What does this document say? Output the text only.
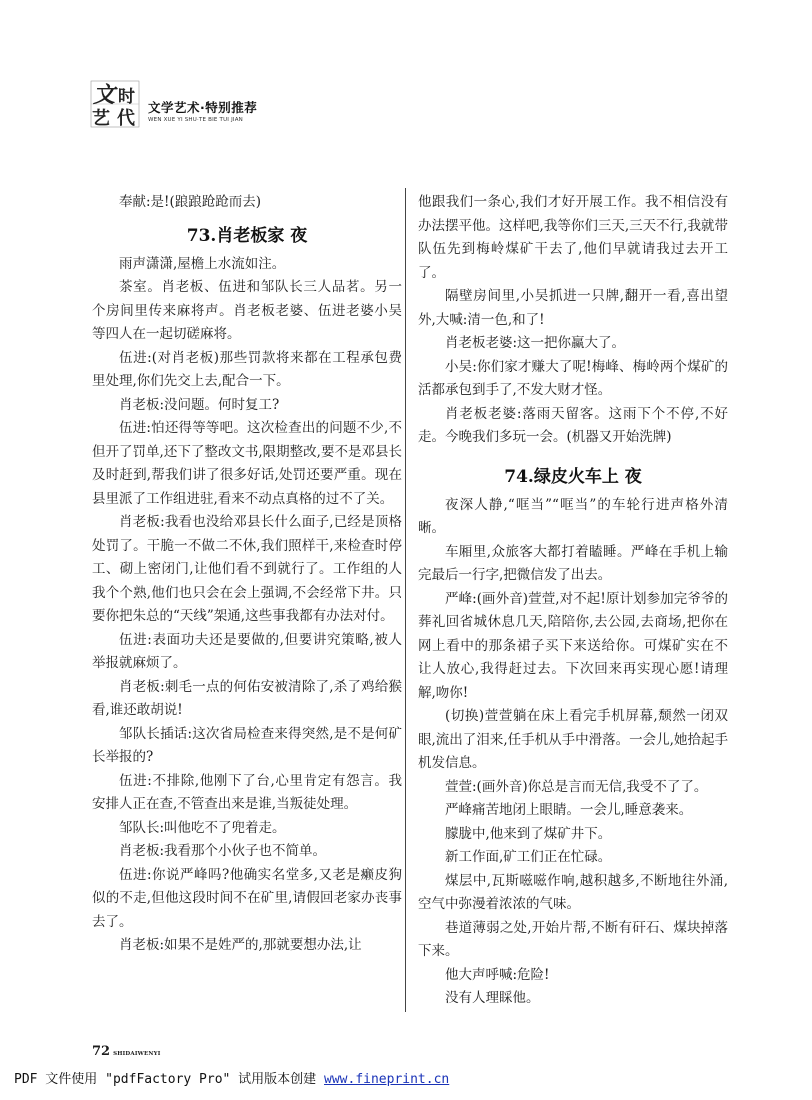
时
艺 代
文	文学艺术·特别推荐
WEN XUE YI SHU·TE BIE TUI JIAN

奉献:是!(踉踉跄跄而去)

73.肖老板家 夜

雨声潇潇,屋檐上水流如注。

茶室。肖老板、伍进和邹队长三人品茗。另一个房间里传来麻将声。肖老板老婆、伍进老婆小吴等四人在一起切磋麻将。

伍进:(对肖老板)那些罚款将来都在工程承包费里处理,你们先交上去,配合一下。

肖老板:没问题。何时复工?

伍进:怕还得等等吧。这次检查出的问题不少,不但开了罚单,还下了整改文书,限期整改,要不是邓县长及时赶到,帮我们讲了很多好话,处罚还要严重。现在县里派了工作组进驻,看来不动点真格的过不了关。

肖老板:我看也没给邓县长什么面子,已经是顶格处罚了。干脆一不做二不休,我们照样干,来检查时停工、砌上密闭门,让他们看不到就行了。工作组的人我个个熟,他们也只会在会上强调,不会经常下井。只要你把朱总的“天线”架通,这些事我都有办法对付。

伍进:表面功夫还是要做的,但要讲究策略,被人举报就麻烦了。

肖老板:刺毛一点的何佑安被清除了,杀了鸡给猴看,谁还敢胡说!

邹队长插话:这次省局检查来得突然,是不是何矿长举报的?

伍进:不排除,他刚下了台,心里肯定有怨言。我安排人正在查,不管查出来是谁,当叛徒处理。

邹队长:叫他吃不了兜着走。

肖老板:我看那个小伙子也不简单。

伍进:你说严峰吗?他确实名堂多,又老是癞皮狗似的不走,但他这段时间不在矿里,请假回老家办丧事去了。

肖老板:如果不是姓严的,那就要想办法,让

他跟我们一条心,我们才好开展工作。我不相信没有办法摆平他。这样吧,我等你们三天,三天不行,我就带队伍先到梅岭煤矿干去了,他们早就请我过去开工了。

隔壁房间里,小吴抓进一只牌,翻开一看,喜出望外,大喊:清一色,和了!

肖老板老婆:这一把你赢大了。

小吴:你们家才赚大了呢!梅峰、梅岭两个煤矿的活都承包到手了,不发大财才怪。

肖老板老婆:落雨天留客。这雨下个不停,不好走。今晚我们多玩一会。(机器又开始洗牌)

74.绿皮火车上 夜

夜深人静,“哐当”“哐当”的车轮行进声格外清晰。

车厢里,众旅客大都打着瞌睡。严峰在手机上输完最后一行字,把微信发了出去。

严峰:(画外音)萱萱,对不起!原计划参加完爷爷的葬礼回省城休息几天,陪陪你,去公园,去商场,把你在网上看中的那条裙子买下来送给你。可煤矿实在不让人放心,我得赶过去。下次回来再实现心愿!请理解,吻你!

(切换)萱萱躺在床上看完手机屏幕,颓然一闭双眼,流出了泪来,任手机从手中滑落。一会儿,她拾起手机发信息。

萱萱:(画外音)你总是言而无信,我受不了了。

严峰痛苦地闭上眼睛。一会儿,睡意袭来。

朦胧中,他来到了煤矿井下。

新工作面,矿工们正在忙碌。

煤层中,瓦斯嗞嗞作响,越积越多,不断地往外涌,空气中弥漫着浓浓的气味。

巷道薄弱之处,开始片帮,不断有矸石、煤块掉落下来。

他大声呼喊:危险!

没有人理睬他。

72 SHIDAIWENYI
PDF 文件使用 "pdfFactory Pro" 试用版本创建 www.fineprint.cn
